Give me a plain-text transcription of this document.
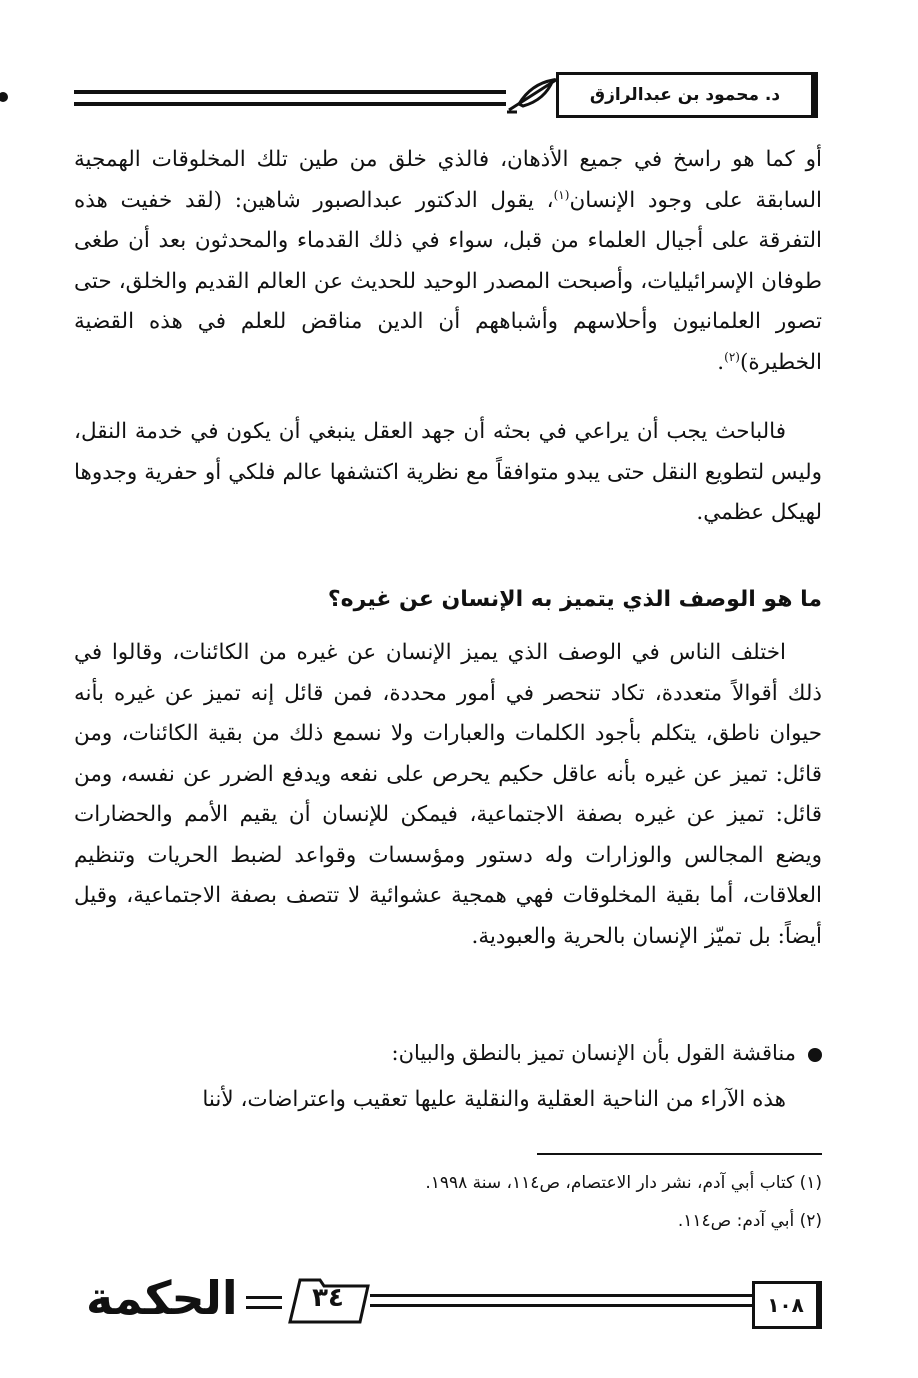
د. محمود بن عبدالرازق
أو كما هو راسخ في جميع الأذهان، فالذي خلق من طين تلك المخلوقات الهمجية السابقة على وجود الإنسان$^{(١)}$، يقول الدكتور عبدالصبور شاهين: (لقد خفيت هذه التفرقة على أجيال العلماء من قبل، سواء في ذلك القدماء والمحدثون بعد أن طغى طوفان الإسرائيليات، وأصبحت المصدر الوحيد للحديث عن العالم القديم والخلق، حتى تصور العلمانيون وأحلاسهم وأشباههم أن الدين مناقض للعلم في هذه القضية الخطيرة)$^{(٢)}$.
فالباحث يجب أن يراعي في بحثه أن جهد العقل ينبغي أن يكون في خدمة النقل، وليس لتطويع النقل حتى يبدو متوافقاً مع نظرية اكتشفها عالم فلكي أو حفرية وجدوها لهيكل عظمي.
ما هو الوصف الذي يتميز به الإنسان عن غيره؟
اختلف الناس في الوصف الذي يميز الإنسان عن غيره من الكائنات، وقالوا في ذلك أقوالاً متعددة، تكاد تنحصر في أمور محددة، فمن قائل إنه تميز عن غيره بأنه حيوان ناطق، يتكلم بأجود الكلمات والعبارات ولا نسمع ذلك من بقية الكائنات، ومن قائل: تميز عن غيره بأنه عاقل حكيم يحرص على نفعه ويدفع الضرر عن نفسه، ومن قائل: تميز عن غيره بصفة الاجتماعية، فيمكن للإنسان أن يقيم الأمم والحضارات ويضع المجالس والوزارات وله دستور ومؤسسات وقواعد لضبط الحريات وتنظيم العلاقات، أما بقية المخلوقات فهي همجية عشوائية لا تتصف بصفة الاجتماعية، وقيل أيضاً: بل تميّز الإنسان بالحرية والعبودية.
مناقشة القول بأن الإنسان تميز بالنطق والبيان:
هذه الآراء من الناحية العقلية والنقلية عليها تعقيب واعتراضات، لأننا
(١) كتاب أبي آدم، نشر دار الاعتصام، ص١١٤، سنة ١٩٩٨.
(٢) أبي آدم: ص١١٤.
١٠٨
٣٤
الحكمة
